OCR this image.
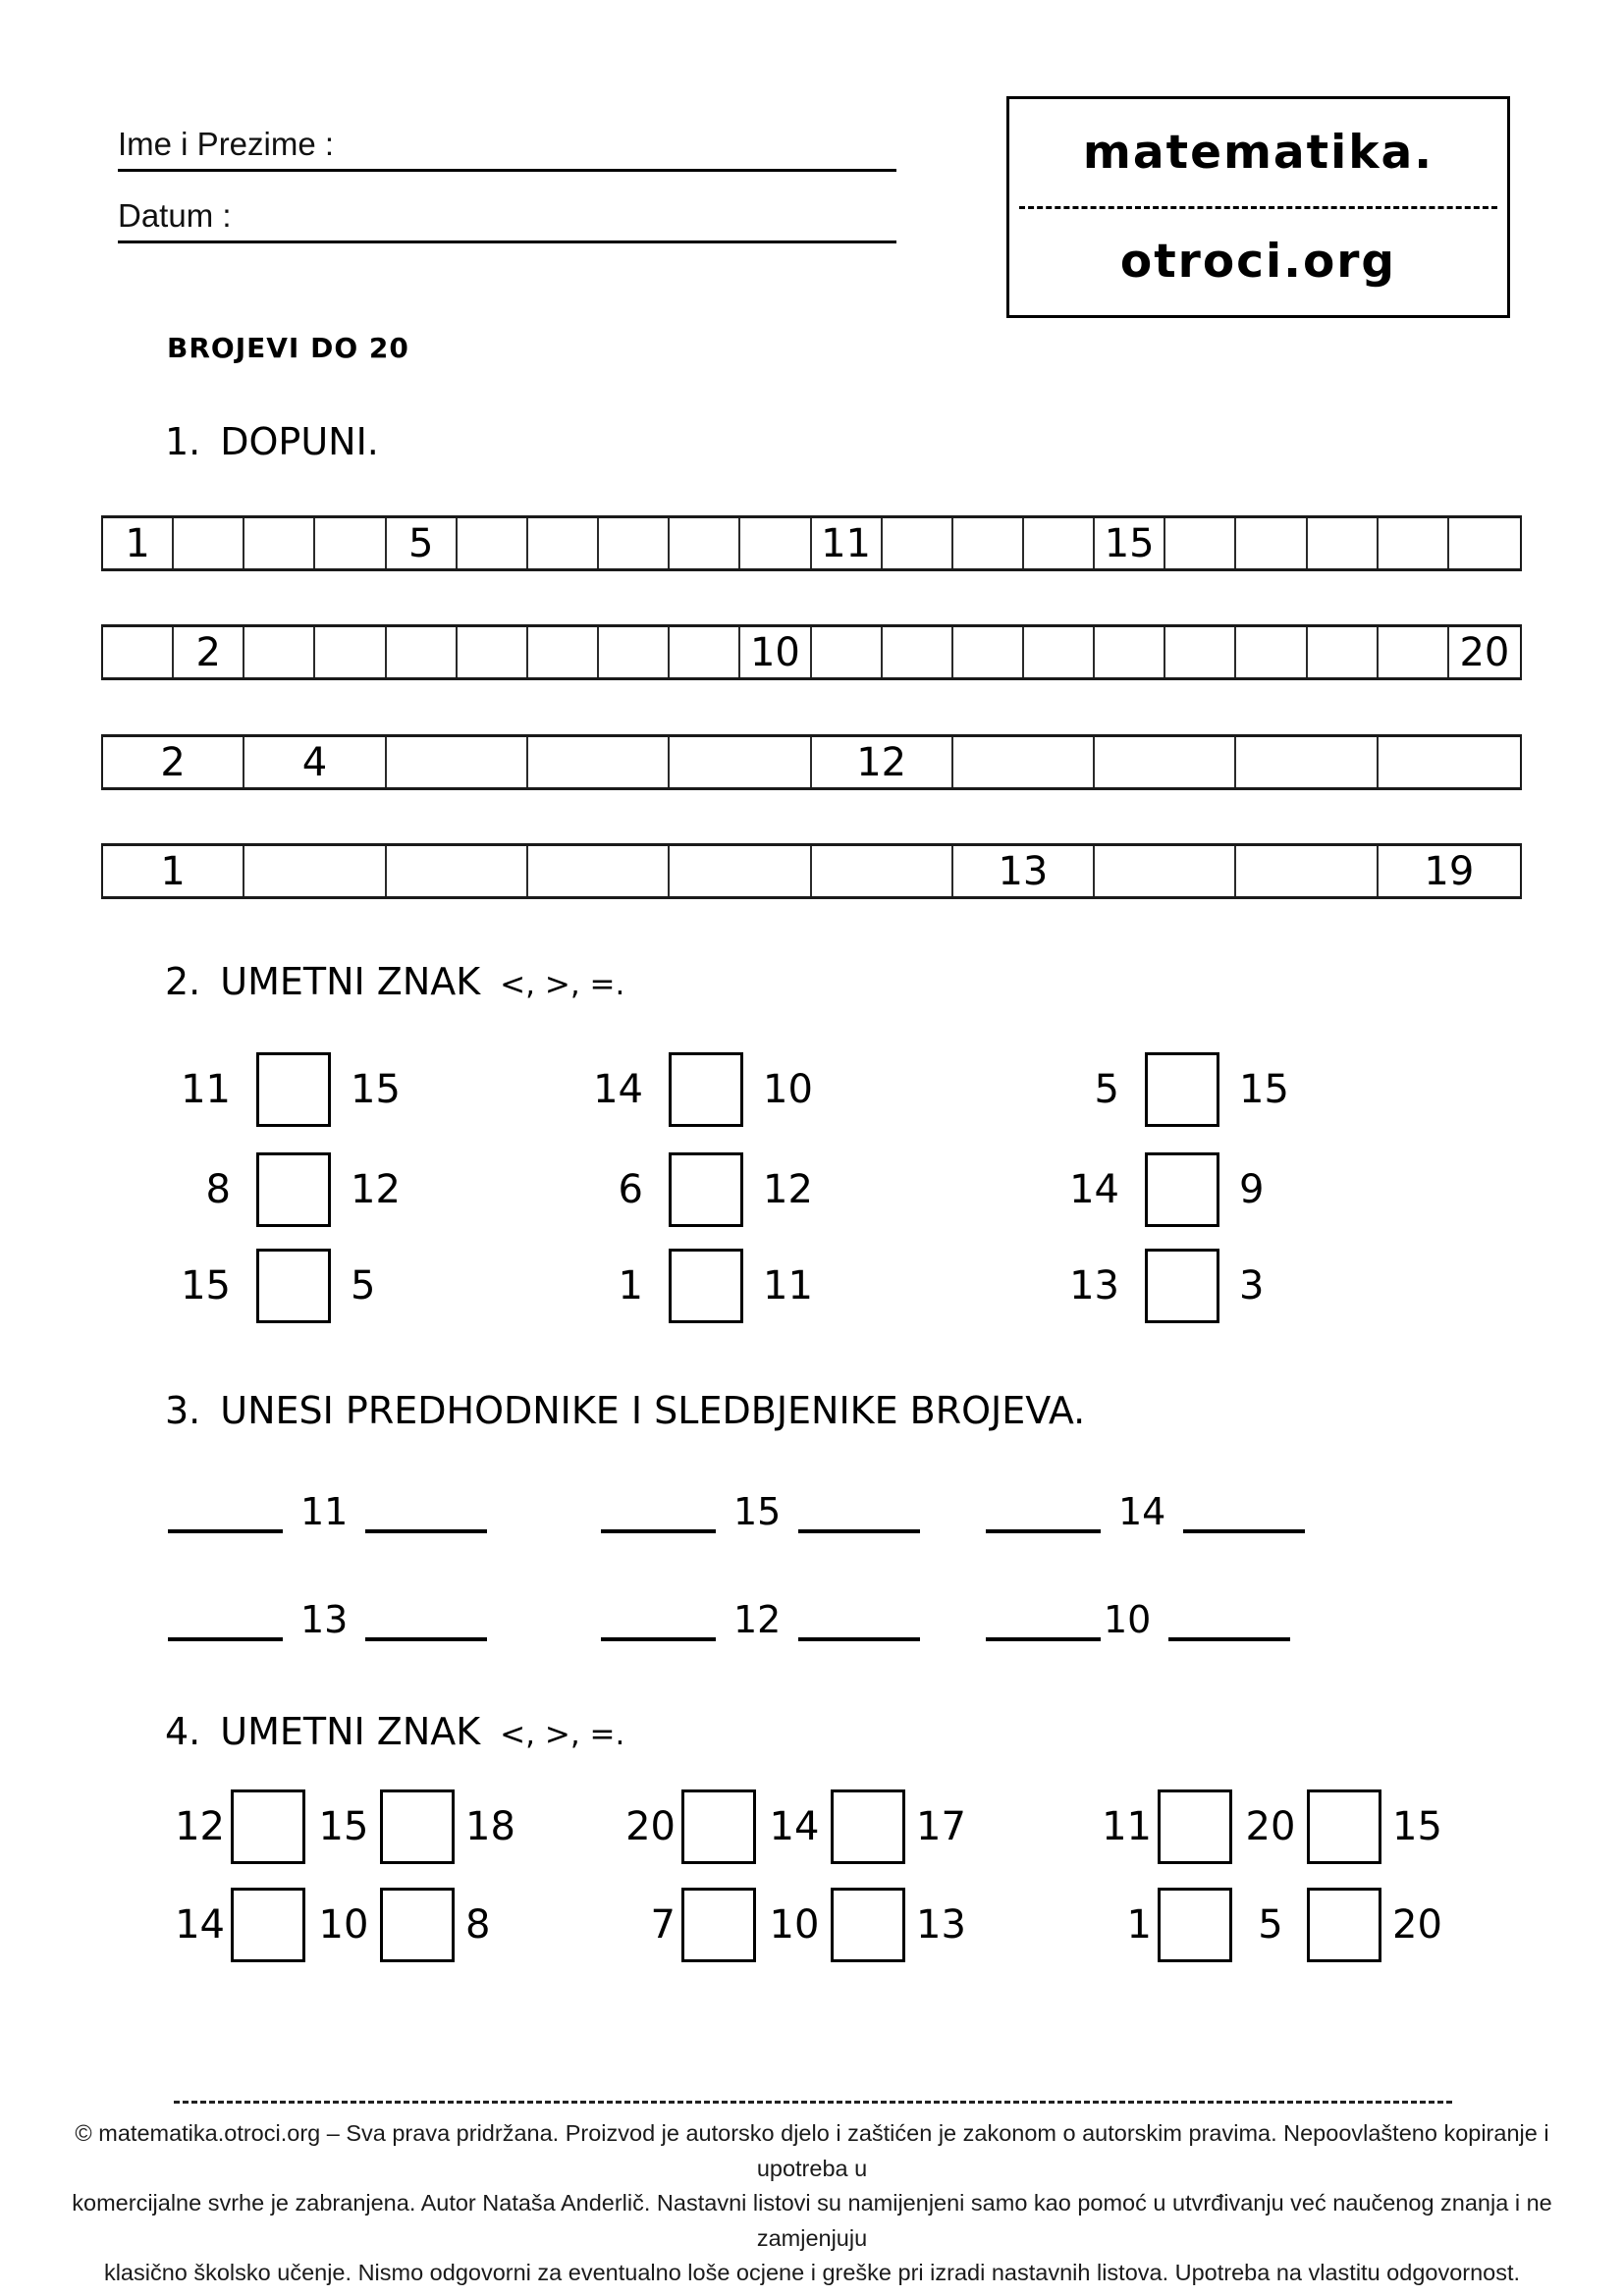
Ime i Prezime :
Datum :
matematika.
otroci.org
BROJEVI DO 20
1. DOPUNI.
2. UMETNI ZNAK <, >, =.
3. UNESI PREDHODNIKE I SLEDBJENIKE BROJEVA.
4. UMETNI ZNAK <, >, =.
1	5	11	15
2	10	20
2	4	12
1	13	19
11	15	14	10	5	15
8	12	6	12	14	9
15	5	1	11	13	3
11	15	14
13	12	10
12 15 18	20 14 17	11 20 15
14 10 8	7 10 13	1	5	20
© matematika.otroci.org – Sva prava pridržana. Proizvod je autorsko djelo i zaštićen je zakonom o autorskim pravima. Nepoovlašteno kopiranje i upotreba u
komercijalne svrhe je zabranjena. Autor Nataša Anderlič. Nastavni listovi su namijenjeni samo kao pomoć u utvrđivanju već naučenog znanja i ne zamjenjuju
klasično školsko učenje. Nismo odgovorni za eventualno loše ocjene i greške pri izradi nastavnih listova. Upotreba na vlastitu odgovornost.
